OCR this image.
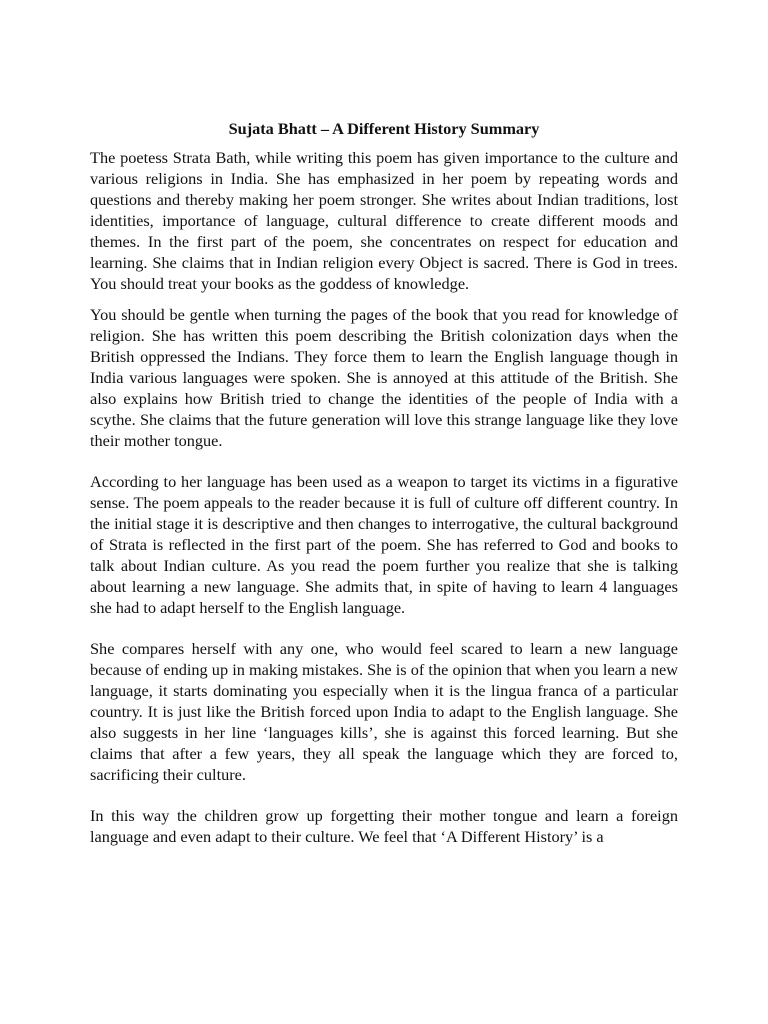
Sujata Bhatt – A Different History Summary

The poetess Strata Bath, while writing this poem has given importance to the culture and various religions in India. She has emphasized in her poem by repeating words and questions and thereby making her poem stronger. She writes about Indian traditions, lost identities, importance of language, cultural difference to create different moods and themes. In the first part of the poem, she concentrates on respect for education and learning. She claims that in Indian religion every Object is sacred. There is God in trees. You should treat your books as the goddess of knowledge.

You should be gentle when turning the pages of the book that you read for knowledge of religion. She has written this poem describing the British colonization days when the British oppressed the Indians. They force them to learn the English language though in India various languages were spoken. She is annoyed at this attitude of the British. She also explains how British tried to change the identities of the people of India with a scythe. She claims that the future generation will love this strange language like they love their mother tongue.

According to her language has been used as a weapon to target its victims in a figurative sense. The poem appeals to the reader because it is full of culture off different country. In the initial stage it is descriptive and then changes to interrogative, the cultural background of Strata is reflected in the first part of the poem. She has referred to God and books to talk about Indian culture. As you read the poem further you realize that she is talking about learning a new language. She admits that, in spite of having to learn 4 languages she had to adapt herself to the English language.

She compares herself with any one, who would feel scared to learn a new language because of ending up in making mistakes. She is of the opinion that when you learn a new language, it starts dominating you especially when it is the lingua franca of a particular country. It is just like the British forced upon India to adapt to the English language. She also suggests in her line ‘languages kills’, she is against this forced learning. But she claims that after a few years, they all speak the language which they are forced to, sacrificing their culture.

In this way the children grow up forgetting their mother tongue and learn a foreign language and even adapt to their culture. We feel that ‘A Different History’ is a
